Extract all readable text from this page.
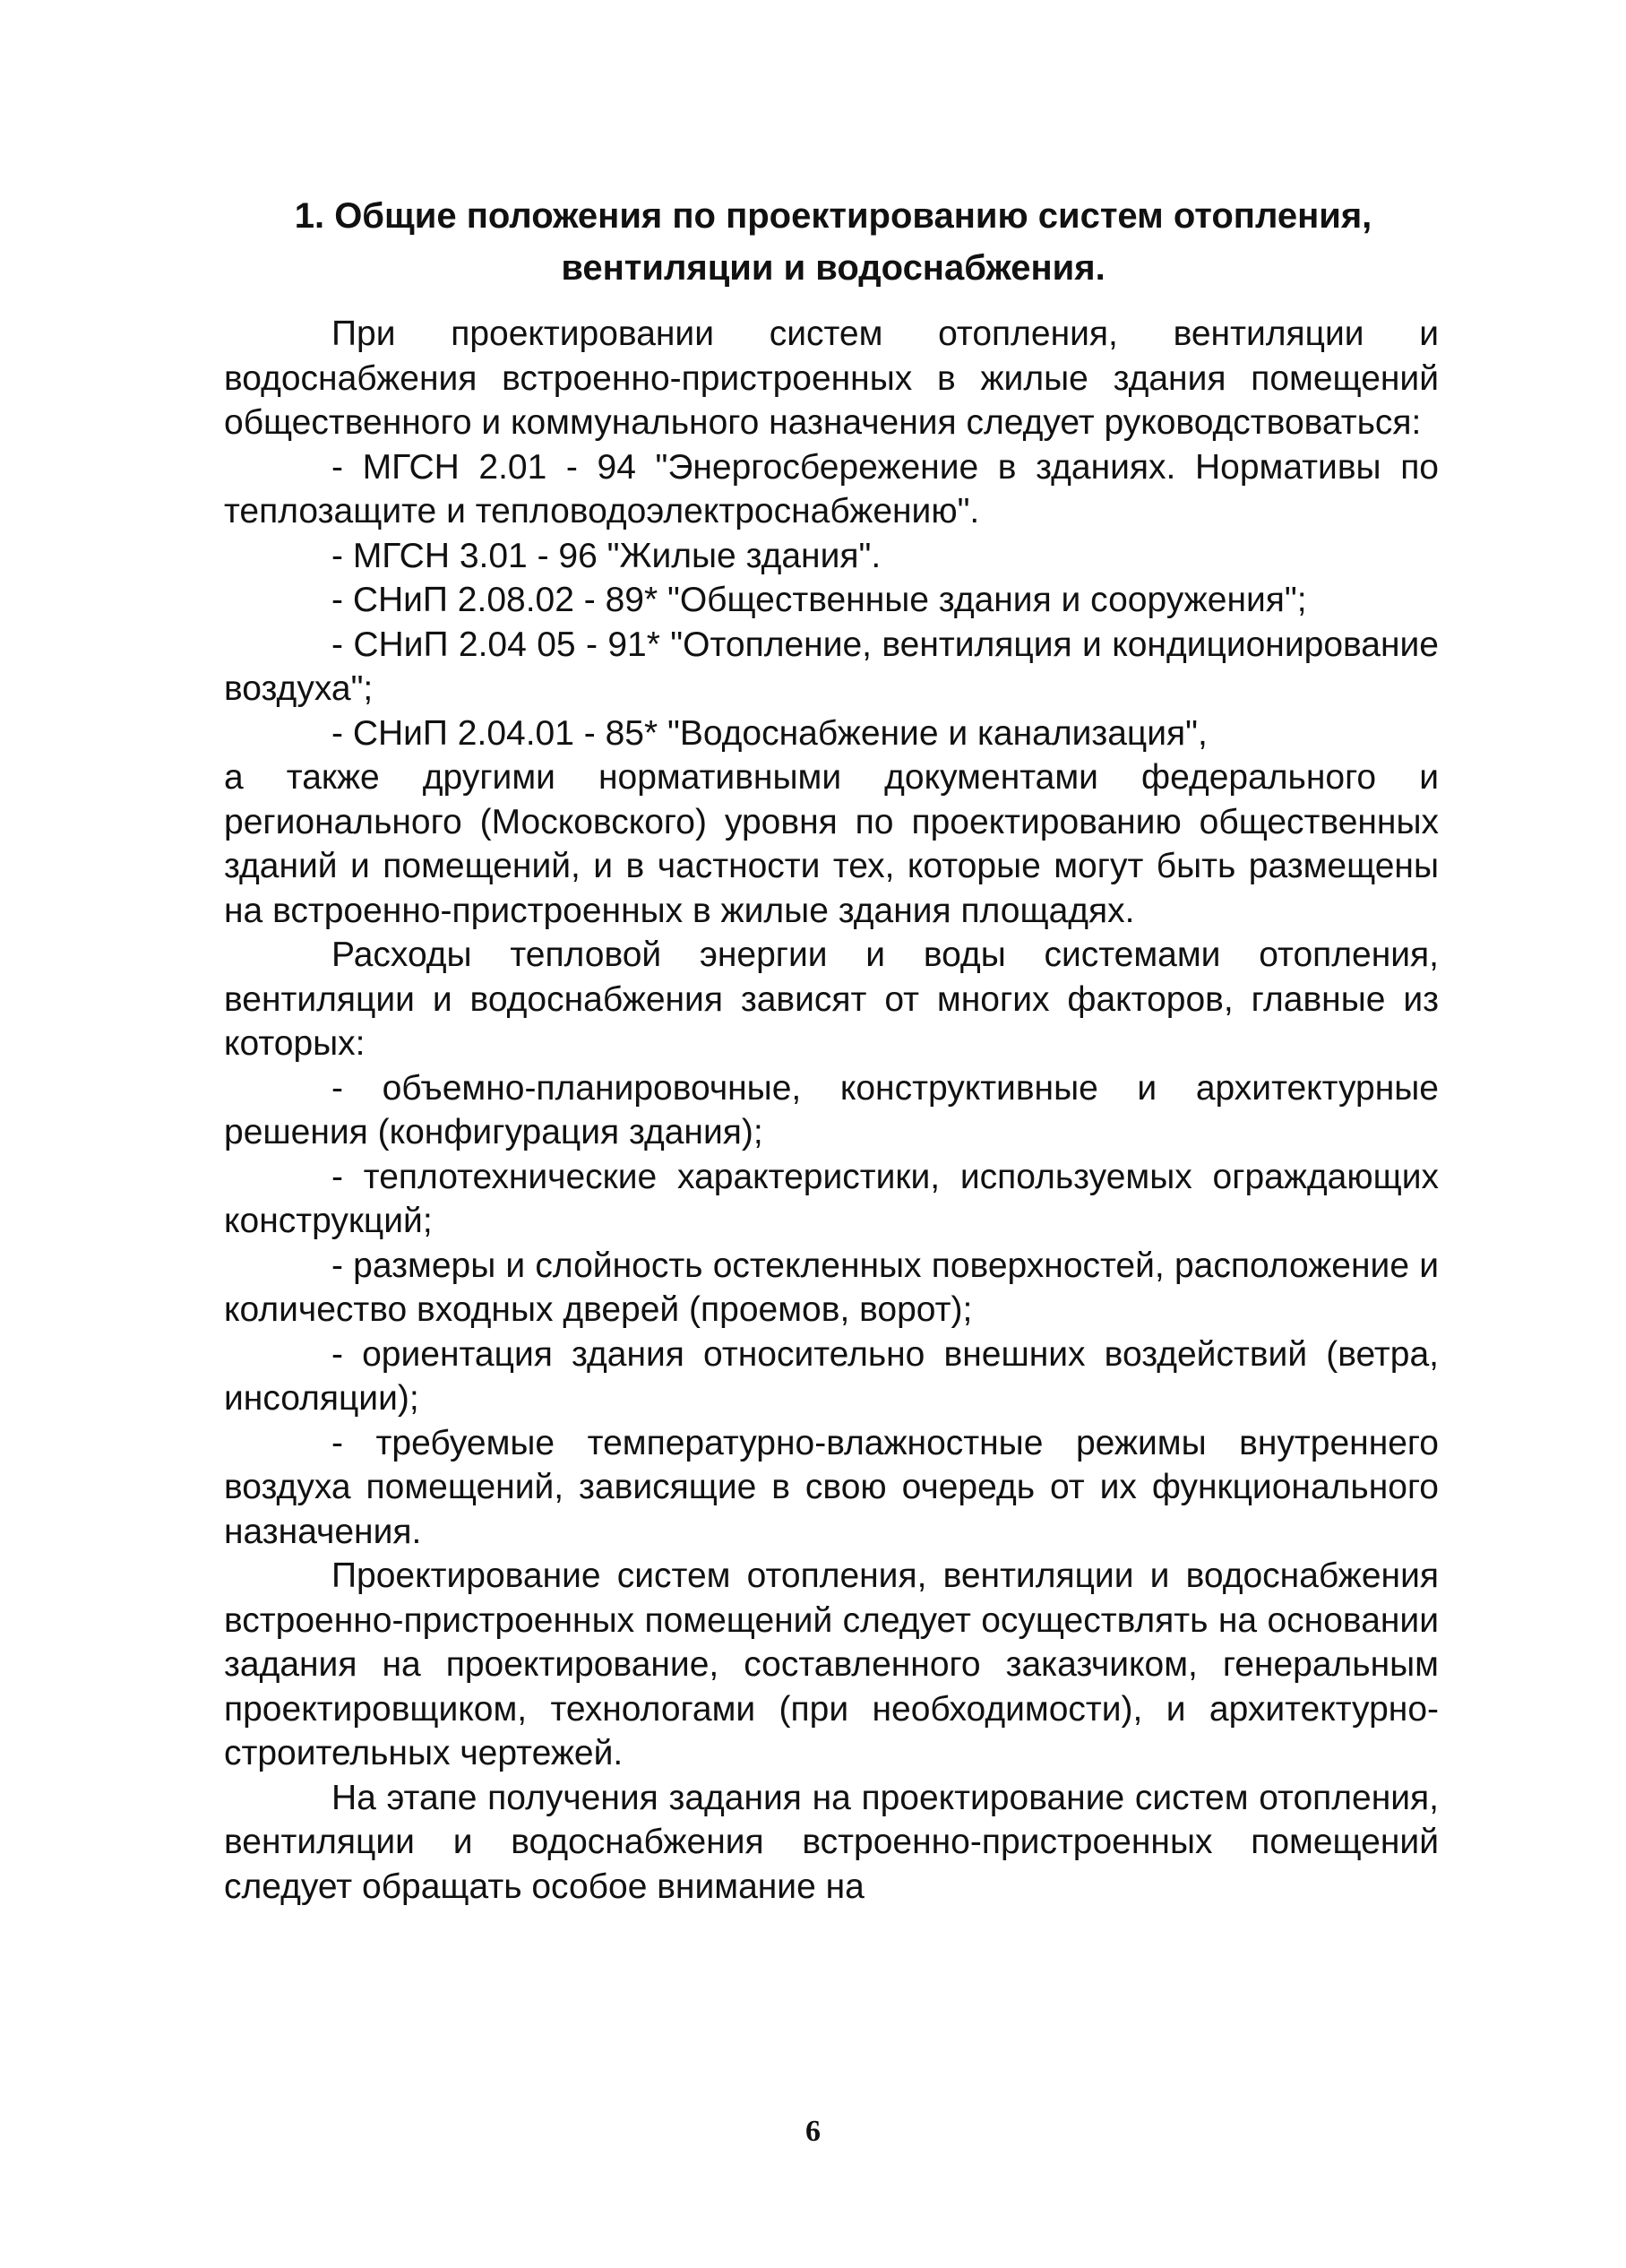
1. Общие положения по проектированию систем отопления,
вентиляции и водоснабжения.

При проектировании систем отопления, вентиляции и водоснабжения встроенно-пристроенных в жилые здания помещений общественного и коммунального назначения следует руководствоваться:

- МГСН 2.01 - 94 "Энергосбережение в зданиях. Нормативы по теплозащите и тепловодоэлектроснабжению".

- МГСН 3.01 - 96 "Жилые здания".

- СНиП 2.08.02 - 89* "Общественные здания и сооружения";

- СНиП 2.04 05 - 91* "Отопление, вентиляция и кондиционирование воздуха";

- СНиП 2.04.01 - 85* "Водоснабжение и канализация",

а также другими нормативными документами федерального и регионального (Московского) уровня по проектированию общественных зданий и помещений, и в частности тех, которые могут быть размещены на встроенно-пристроенных в жилые здания площадях.

Расходы тепловой энергии и воды системами отопления, вентиляции и водоснабжения зависят от многих факторов, главные из которых:

- объемно-планировочные, конструктивные и архитектурные решения (конфигурация здания);

- теплотехнические характеристики, используемых ограждающих конструкций;

- размеры и слойность остекленных поверхностей, расположение и количество входных дверей (проемов, ворот);

- ориентация здания относительно внешних воздействий (ветра, инсоляции);

- требуемые температурно-влажностные режимы внутреннего воздуха помещений, зависящие в свою очередь от их функционального назначения.

Проектирование систем отопления, вентиляции и водоснабжения встроенно-пристроенных помещений следует осуществлять на основании задания на проектирование, составленного заказчиком, генеральным проектировщиком, технологами (при необходимости), и архитектурно-строительных чертежей.

На этапе получения задания на проектирование систем отопления, вентиляции и водоснабжения встроенно-пристроенных помещений следует обращать особое внимание на

6
